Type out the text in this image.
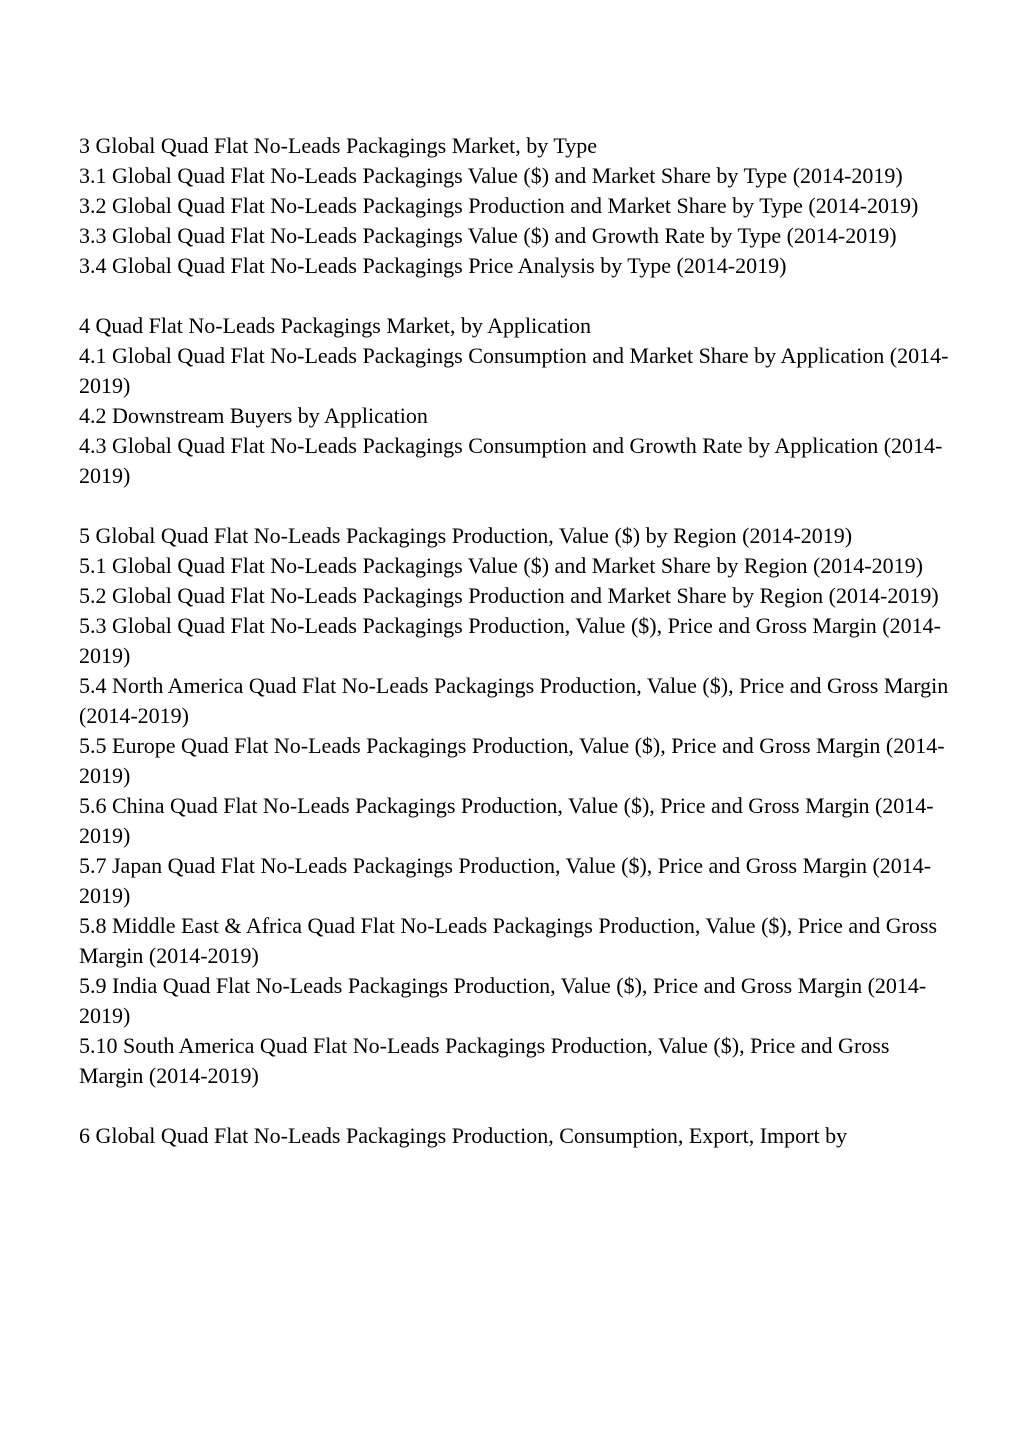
3 Global Quad Flat No-Leads Packagings Market, by Type

3.1 Global Quad Flat No-Leads Packagings Value ($) and Market Share by Type (2014-2019)

3.2 Global Quad Flat No-Leads Packagings Production and Market Share by Type (2014-2019)

3.3 Global Quad Flat No-Leads Packagings Value ($) and Growth Rate by Type (2014-2019)

3.4 Global Quad Flat No-Leads Packagings Price Analysis by Type (2014-2019)

4 Quad Flat No-Leads Packagings Market, by Application

4.1 Global Quad Flat No-Leads Packagings Consumption and Market Share by Application (2014-2019)

4.2 Downstream Buyers by Application

4.3 Global Quad Flat No-Leads Packagings Consumption and Growth Rate by Application (2014-2019)

5 Global Quad Flat No-Leads Packagings Production, Value ($) by Region (2014-2019)

5.1 Global Quad Flat No-Leads Packagings Value ($) and Market Share by Region (2014-2019)

5.2 Global Quad Flat No-Leads Packagings Production and Market Share by Region (2014-2019)

5.3 Global Quad Flat No-Leads Packagings Production, Value ($), Price and Gross Margin (2014-2019)

5.4 North America Quad Flat No-Leads Packagings Production, Value ($), Price and Gross Margin (2014-2019)

5.5 Europe Quad Flat No-Leads Packagings Production, Value ($), Price and Gross Margin (2014-2019)

5.6 China Quad Flat No-Leads Packagings Production, Value ($), Price and Gross Margin (2014-2019)

5.7 Japan Quad Flat No-Leads Packagings Production, Value ($), Price and Gross Margin (2014-2019)

5.8 Middle East & Africa Quad Flat No-Leads Packagings Production, Value ($), Price and Gross Margin (2014-2019)

5.9 India Quad Flat No-Leads Packagings Production, Value ($), Price and Gross Margin (2014-2019)

5.10 South America Quad Flat No-Leads Packagings Production, Value ($), Price and Gross Margin (2014-2019)

6 Global Quad Flat No-Leads Packagings Production, Consumption, Export, Import by
